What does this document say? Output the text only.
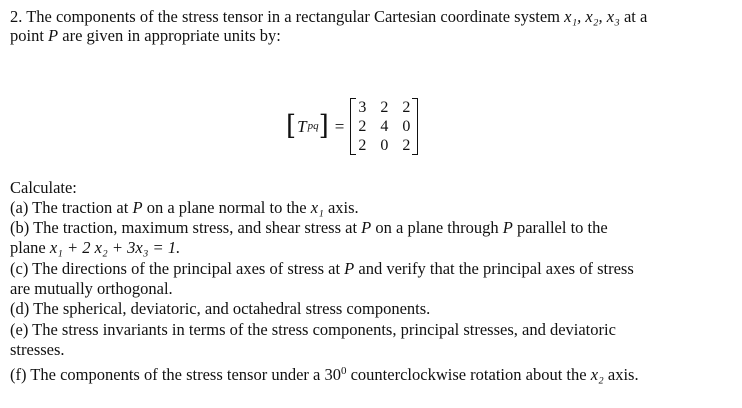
2. The components of the stress tensor in a rectangular Cartesian coordinate system x₁, x₂, x₃ at a
point P are given in appropriate units by:
[ T pq ] =
3 2 2
2 4 0
2 0 2
Calculate:
(a) The traction at P on a plane normal to the x₁ axis.
(b) The traction, maximum stress, and shear stress at P on a plane through P parallel to the
plane x₁ + 2 x₂ + 3x₃ = 1.
(c) The directions of the principal axes of stress at P and verify that the principal axes of stress
are mutually orthogonal.
(d) The spherical, deviatoric, and octahedral stress components.
(e) The stress invariants in terms of the stress components, principal stresses, and deviatoric
stresses.
(f) The components of the stress tensor under a $30^0$ counterclockwise rotation about the x₂ axis.
